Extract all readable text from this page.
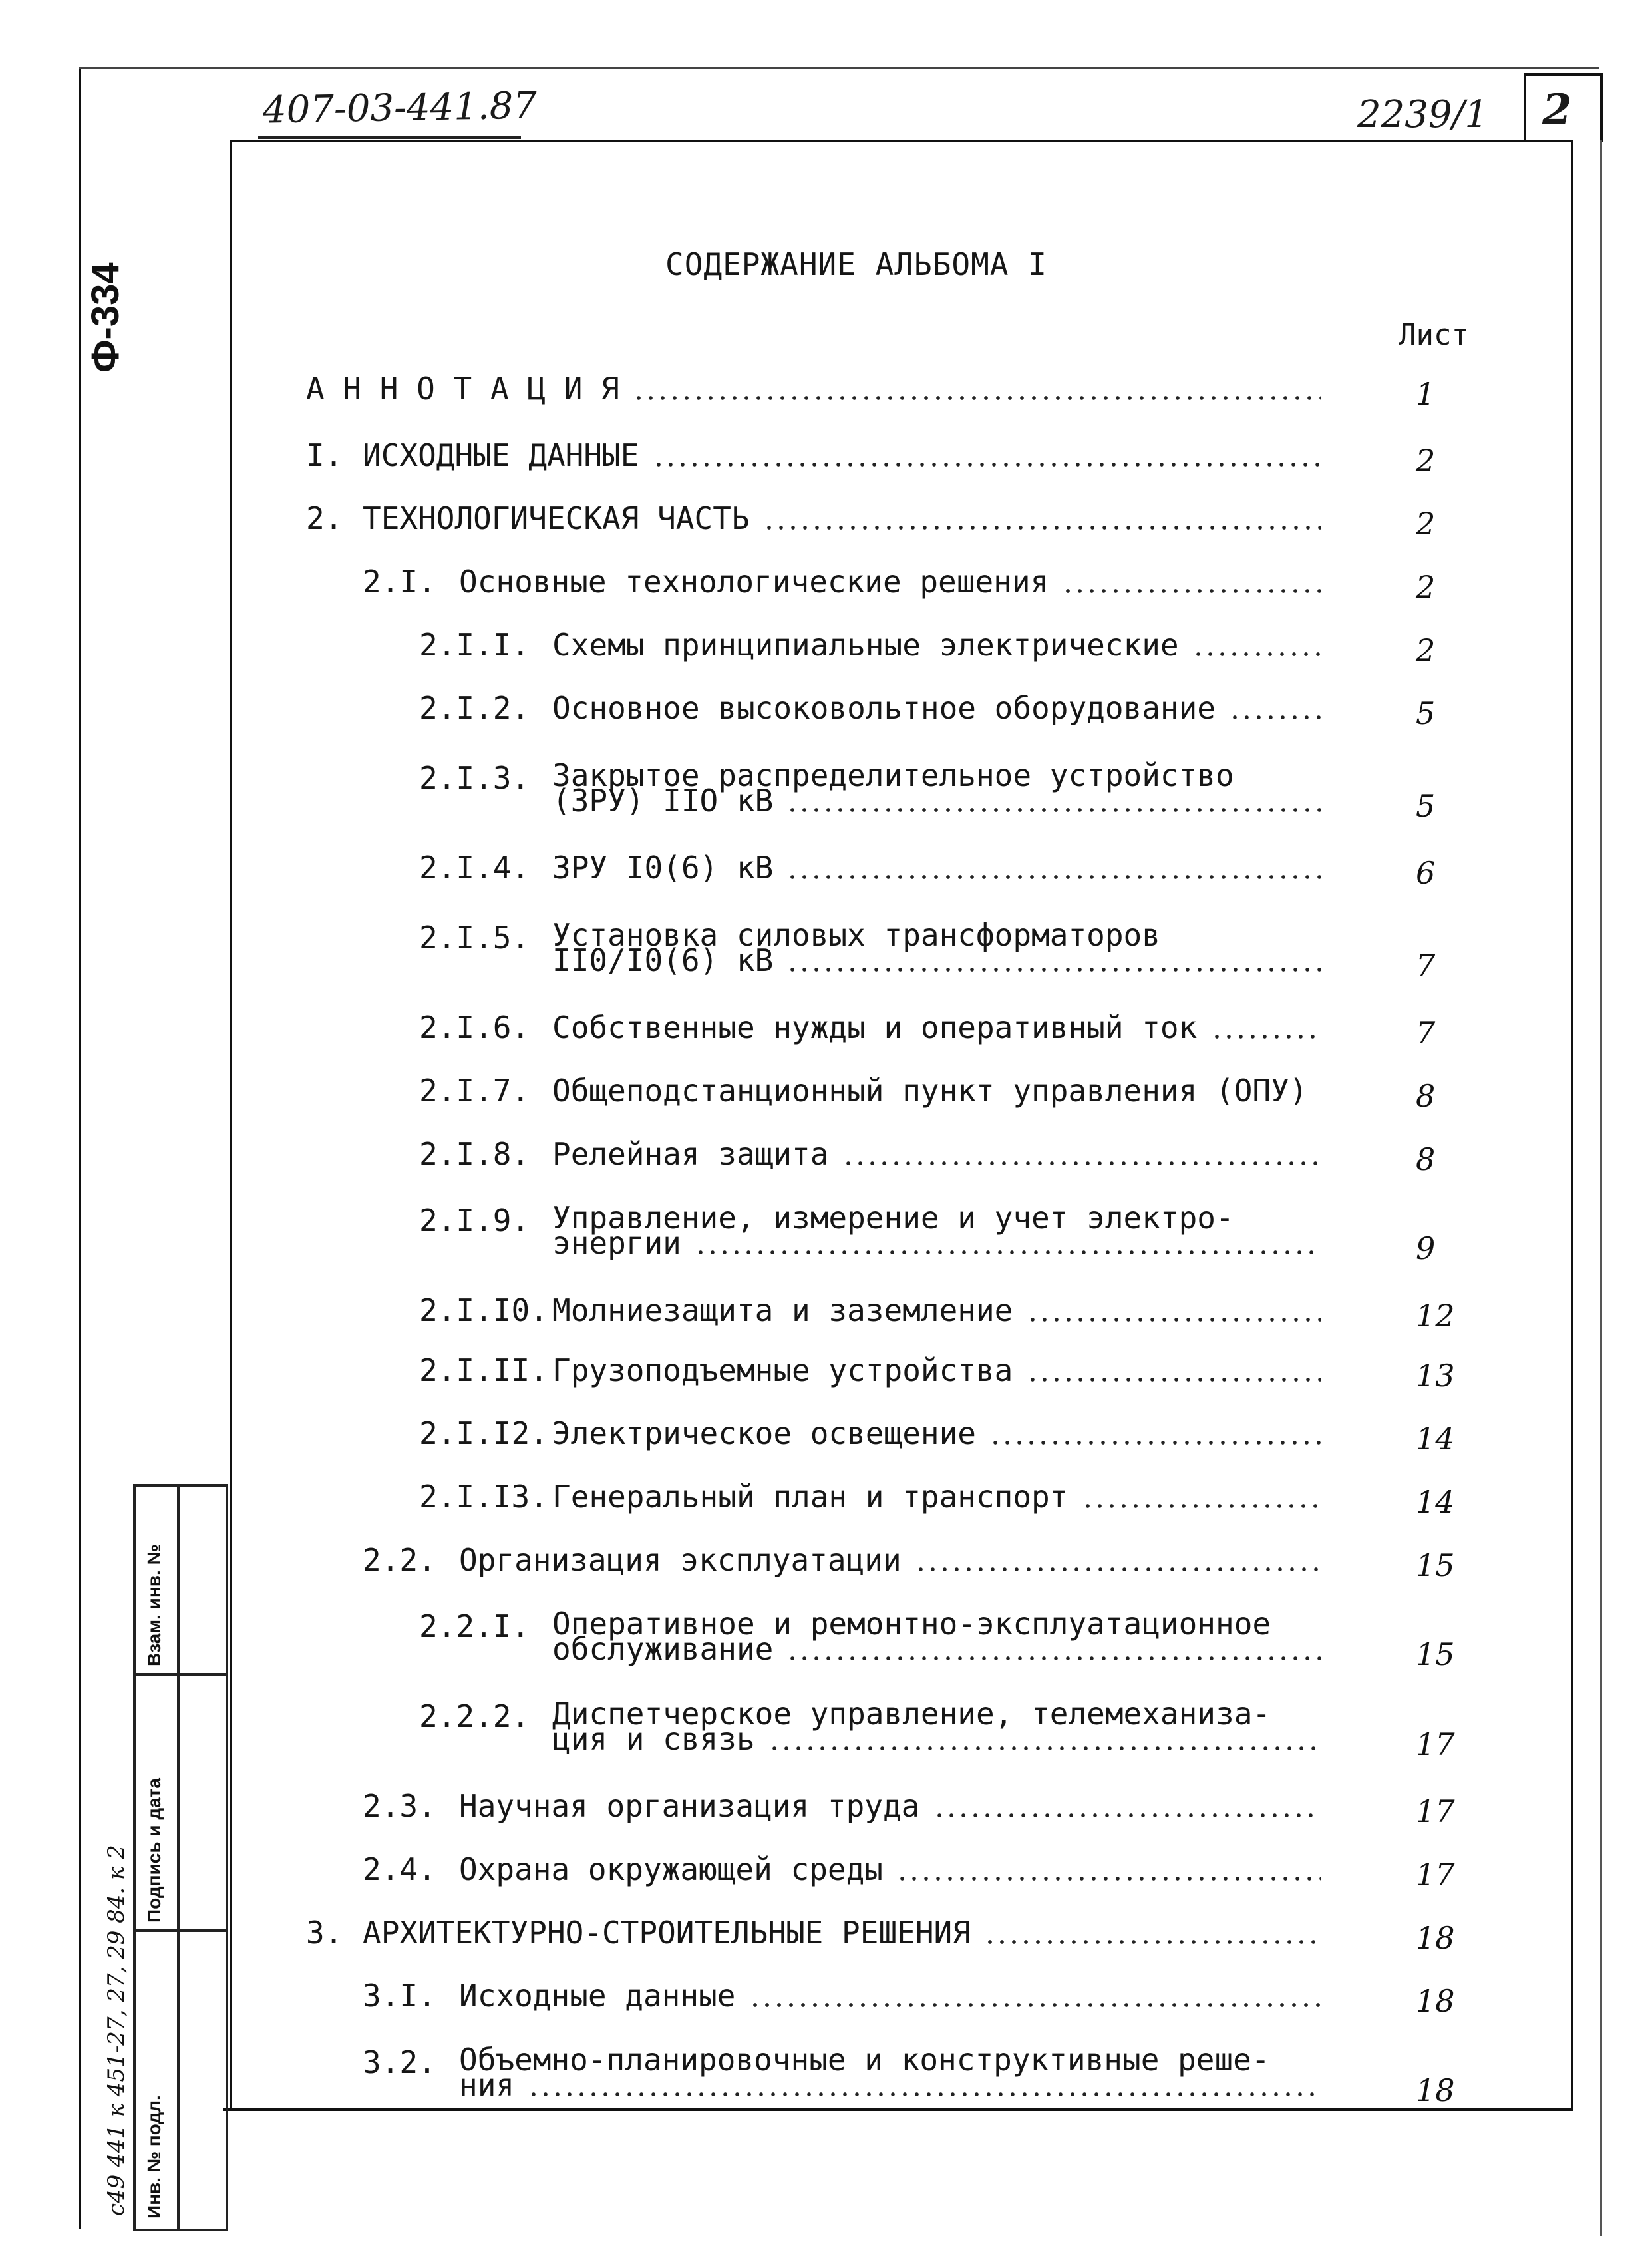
407-03-441.87	2239/1 2
Ф-334	СОДЕРЖАНИЕ АЛЬБОМА I
Лист
А Н Н О Т А Ц И Я	1
I. ИСХОДНЫЕ ДАННЫЕ	2
2. ТЕХНОЛОГИЧЕСКАЯ ЧАСТЬ	2
2.I. Основные технологические решения	2
2.I.I. Схемы принципиальные электрические	2
2.I.2. Основное высоковольтное оборудование	5
2.I.3. Закрытое распределительное устройство
(ЗРУ) IIО кВ	5
2.I.4. ЗРУ I0(6) кВ	6
2.I.5. Установка силовых трансформаторов
II0/I0(6) кВ	7
2.I.6. Собственные нужды и оперативный ток	7
2.I.7. Общеподстанционный пункт управления (ОПУ)	8
2.I.8. Релейная защита	8
2.I.9. Управление, измерение и учет электро-
энергии	9
2.I.I0. Молниезащита и заземление	12
2.I.II. Грузоподъемные устройства	13
2.I.I2. Электрическое освещение	14
2.I.I3. Генеральный план и транспорт	14
2.2. Организация эксплуатации	15
2.2.I. Оперативное и ремонтно-эксплуатационное
обслуживание	15
2.2.2. Диспетчерское управление, телемеханиза-
ция и связь	17
2.3. Научная организация труда	17
2.4. Охрана окружающей среды	17
3. АРХИТЕКТУРНО-СТРОИТЕЛЬНЫЕ РЕШЕНИЯ	18
3.I. Исходные данные	18
3.2. Объемно-планировочные и конструктивные реше-
ния	18
Взам. инв. №
Подпись и дата
Инв. № подл.
с49 441 к 451-27, 27, 29 84. к 2
